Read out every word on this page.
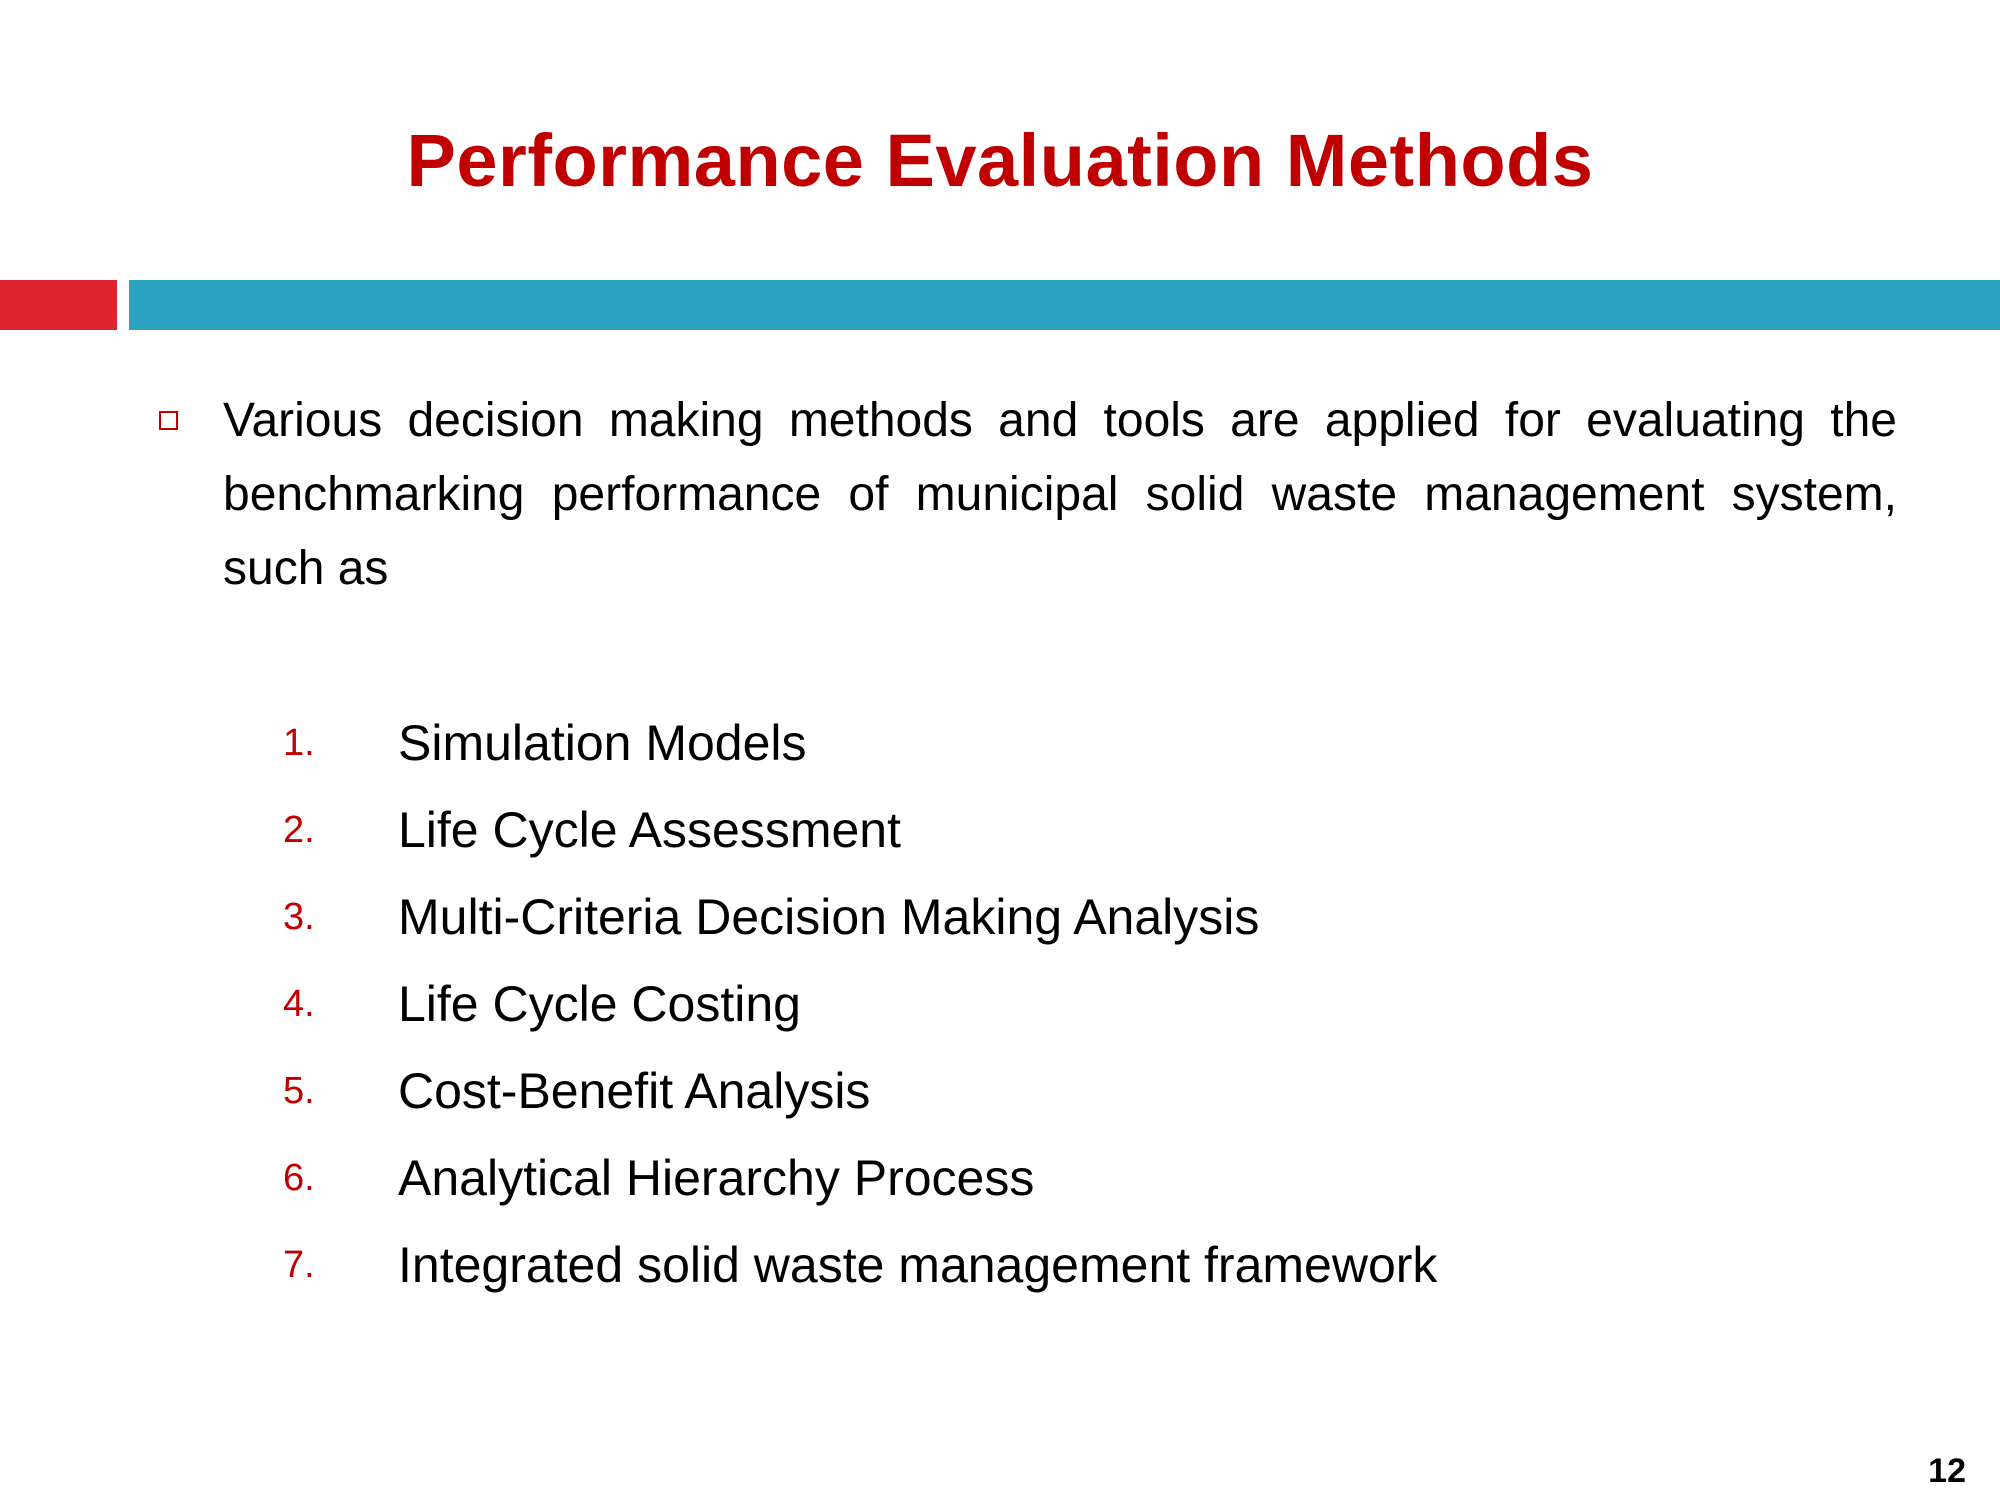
Performance Evaluation Methods
Various decision making methods and tools are applied for evaluating the benchmarking performance of municipal solid waste management system, such as
1. Simulation Models
2. Life Cycle Assessment
3. Multi-Criteria Decision Making Analysis
4. Life Cycle Costing
5. Cost-Benefit Analysis
6. Analytical Hierarchy Process
7. Integrated solid waste management framework
12
